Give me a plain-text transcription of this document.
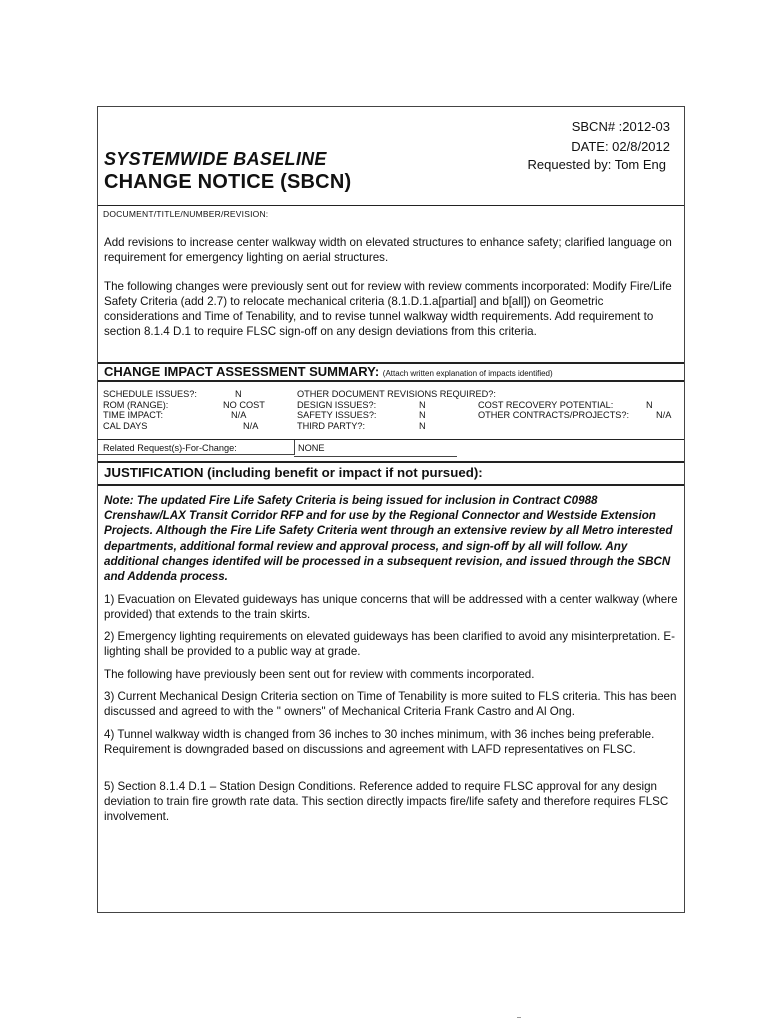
SBCN# :2012-03
DATE: 02/8/2012
Requested by: Tom Eng
SYSTEMWIDE BASELINE
CHANGE NOTICE (SBCN)
DOCUMENT/TITLE/NUMBER/REVISION:
Add revisions to increase center walkway width on elevated structures to enhance safety; clarified language on requirement for emergency lighting on aerial structures.
The following changes were previously sent out for review with review comments incorporated: Modify Fire/Life Safety Criteria (add 2.7) to relocate mechanical criteria (8.1.D.1.a[partial] and b[all]) on Geometric considerations and Time of Tenability, and to revise tunnel walkway width requirements. Add requirement to section 8.1.4 D.1 to require FLSC sign-off on any design deviations from this criteria.
CHANGE IMPACT ASSESSMENT SUMMARY: (Attach written explanation of impacts identified)
SCHEDULE ISSUES?:	N
ROM (RANGE):	NO COST
TIME IMPACT:	N/A
CAL DAYS	N/A
OTHER DOCUMENT REVISIONS REQUIRED?:
DESIGN ISSUES?:	N
SAFETY ISSUES?:	N
THIRD PARTY?:	N
COST RECOVERY POTENTIAL:	N
OTHER CONTRACTS/PROJECTS?:	N/A
Related Request(s)-For-Change:	NONE
JUSTIFICATION (including benefit or impact if not pursued):
Note: The updated Fire Life Safety Criteria is being issued for inclusion in Contract C0988 Crenshaw/LAX Transit Corridor RFP and for use by the Regional Connector and Westside Extension Projects. Although the Fire Life Safety Criteria went through an extensive review by all Metro interested departments, additional formal review and approval process, and sign-off by all will follow. Any additional changes identifed will be processed in a subsequent revision, and issued through the SBCN and Addenda process.
1) Evacuation on Elevated guideways has unique concerns that will be addressed with a center walkway (where provided) that extends to the train skirts.
2) Emergency lighting requirements on elevated guideways has been clarified to avoid any misinterpretation. E-lighting shall be provided to a public way at grade.
The following have previously been sent out for review with comments incorporated.
3) Current Mechanical Design Criteria section on Time of Tenability is more suited to FLS criteria. This has been discussed and agreed to with the " owners" of Mechanical Criteria Frank Castro and Al Ong.
4) Tunnel walkway width is changed from 36 inches to 30 inches minimum, with 36 inches being preferable. Requirement is downgraded based on discussions and agreement with LAFD representatives on FLSC.
5) Section 8.1.4 D.1 – Station Design Conditions. Reference added to require FLSC approval for any design deviation to train fire growth rate data. This section directly impacts fire/life safety and therefore requires FLSC involvement.
